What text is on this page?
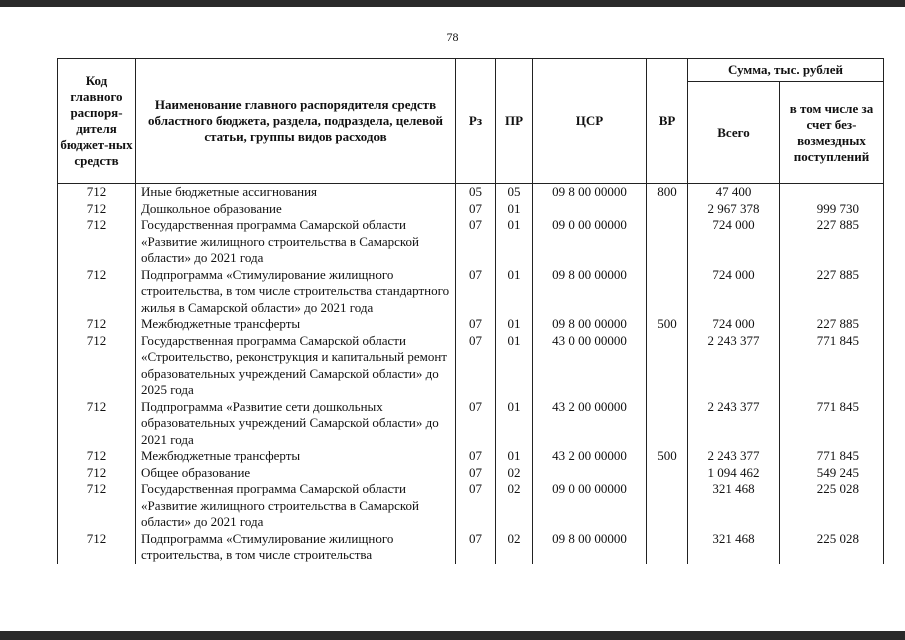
78
Код главного распоря-дителя бюджет-ных средств	Наименование главного распорядителя средств областного бюджета, раздела, подраздела, целевой статьи, группы видов расходов	Рз	ПР	ЦСР	ВР	Сумма, тыс. рублей	
						Всего	в том числе за счет без-возмездных поступлений
712	Иные бюджетные ассигнования	05	05	09 8 00 00000	800	47 400	
712	Дошкольное образование	07	01			2 967 378	999 730
712	Государственная программа Самарской области «Развитие жилищного строительства в Самарской области» до 2021 года	07	01	09 0 00 00000		724 000	227 885
712	Подпрограмма «Стимулирование жилищного строительства, в том числе строительства стандартного жилья в Самарской области» до 2021 года	07	01	09 8 00 00000		724 000	227 885
712	Межбюджетные трансферты	07	01	09 8 00 00000	500	724 000	227 885
712	Государственная программа Самарской области «Строительство, реконструкция и капитальный ремонт образовательных учреждений Самарской области» до 2025 года	07	01	43 0 00 00000		2 243 377	771 845
712	Подпрограмма «Развитие сети дошкольных образовательных учреждений Самарской области» до 2021 года	07	01	43 2 00 00000		2 243 377	771 845
712	Межбюджетные трансферты	07	01	43 2 00 00000	500	2 243 377	771 845
712	Общее образование	07	02			1 094 462	549 245
712	Государственная программа Самарской области «Развитие жилищного строительства в Самарской области» до 2021 года	07	02	09 0 00 00000		321 468	225 028
712	Подпрограмма «Стимулирование жилищного строительства, в том числе строительства	07	02	09 8 00 00000		321 468	225 028
